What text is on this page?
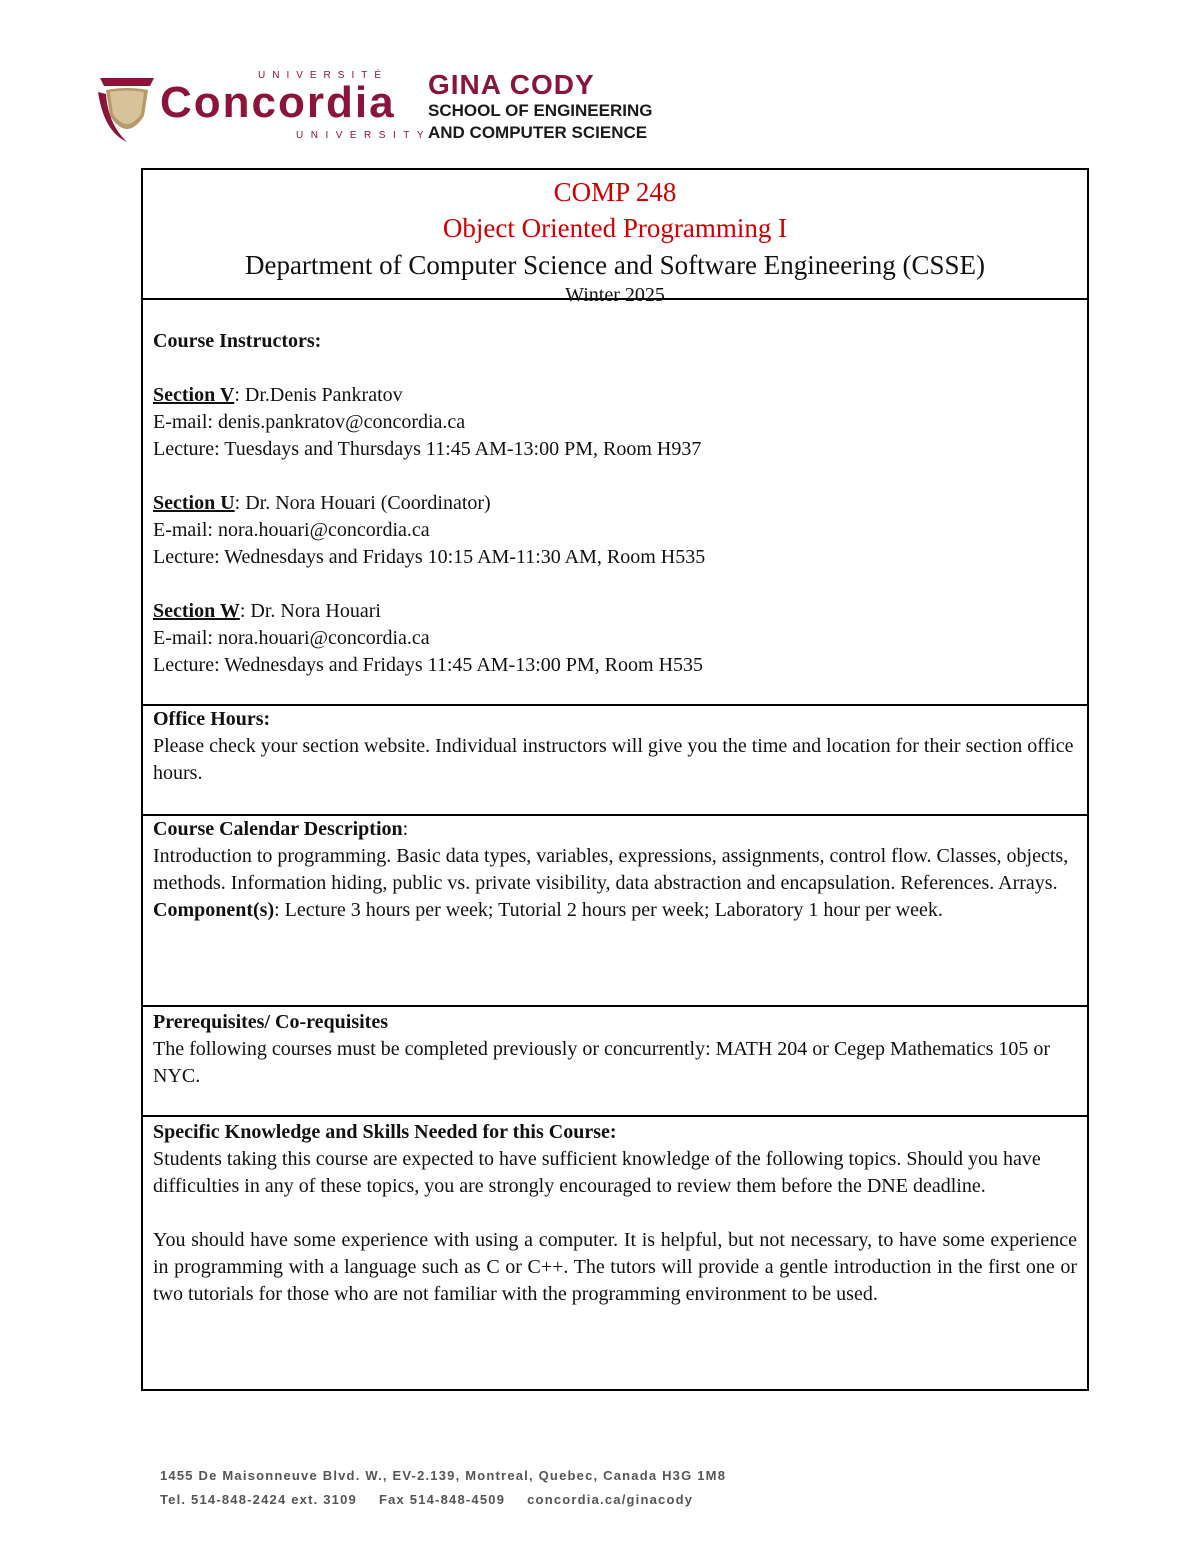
UNIVERSITÉ
Concordia
UNIVERSITY
GINA CODY
SCHOOL OF ENGINEERING
AND COMPUTER SCIENCE
COMP 248
Object Oriented Programming I
Department of Computer Science and Software Engineering (CSSE)
Winter 2025
Course Instructors:
Section V: Dr.Denis Pankratov
E-mail: denis.pankratov@concordia.ca
Lecture: Tuesdays and Thursdays 11:45 AM-13:00 PM, Room H937
Section U: Dr. Nora Houari (Coordinator)
E-mail: nora.houari@concordia.ca
Lecture: Wednesdays and Fridays 10:15 AM-11:30 AM, Room H535
Section W: Dr. Nora Houari
E-mail: nora.houari@concordia.ca
Lecture: Wednesdays and Fridays 11:45 AM-13:00 PM, Room H535
Office Hours:
Please check your section website. Individual instructors will give you the time and location for their section office hours.
Course Calendar Description:
Introduction to programming. Basic data types, variables, expressions, assignments, control flow. Classes, objects, methods. Information hiding, public vs. private visibility, data abstraction and encapsulation. References. Arrays.
Component(s): Lecture 3 hours per week; Tutorial 2 hours per week; Laboratory 1 hour per week.
Prerequisites/ Co-requisites
The following courses must be completed previously or concurrently: MATH 204 or Cegep Mathematics 105 or NYC.
Specific Knowledge and Skills Needed for this Course:
Students taking this course are expected to have sufficient knowledge of the following topics. Should you have difficulties in any of these topics, you are strongly encouraged to review them before the DNE deadline.
You should have some experience with using a computer. It is helpful, but not necessary, to have some experience in programming with a language such as C or C++. The tutors will provide a gentle introduction in the first one or two tutorials for those who are not familiar with the programming environment to be used.
1455 De Maisonneuve Blvd. W., EV-2.139, Montreal, Quebec, Canada H3G 1M8
Tel. 514-848-2424 ext. 3109 Fax 514-848-4509 concordia.ca/ginacody
